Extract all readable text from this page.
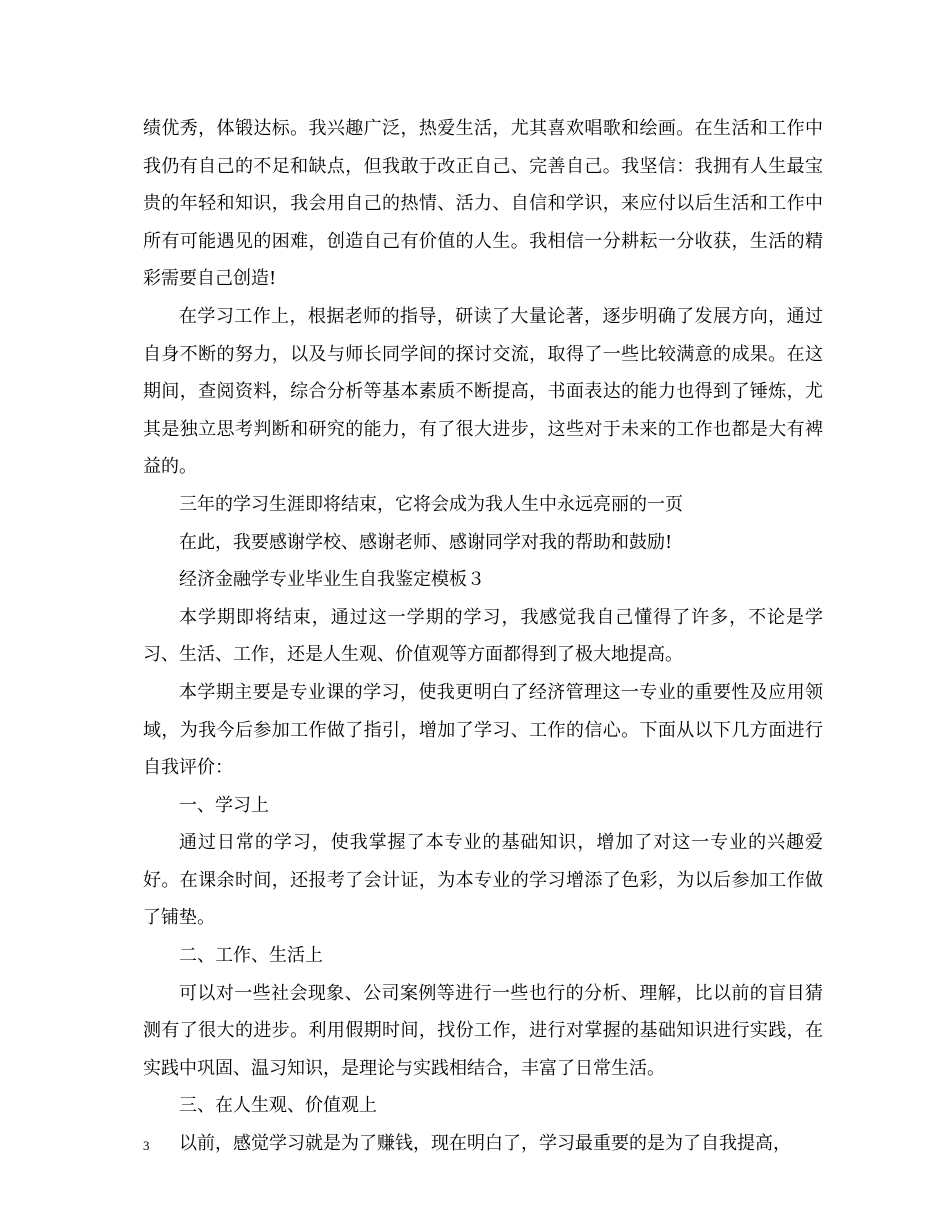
绩优秀，体锻达标。我兴趣广泛，热爱生活，尤其喜欢唱歌和绘画。在生活和工作中我仍有自己的不足和缺点，但我敢于改正自己、完善自己。我坚信：我拥有人生最宝贵的年轻和知识，我会用自己的热情、活力、自信和学识，来应付以后生活和工作中所有可能遇见的困难，创造自己有价值的人生。我相信一分耕耘一分收获，生活的精彩需要自己创造!

在学习工作上，根据老师的指导，研读了大量论著，逐步明确了发展方向，通过自身不断的努力，以及与师长同学间的探讨交流，取得了一些比较满意的成果。在这期间，查阅资料，综合分析等基本素质不断提高，书面表达的能力也得到了锤炼，尤其是独立思考判断和研究的能力，有了很大进步，这些对于未来的工作也都是大有裨益的。

三年的学习生涯即将结束，它将会成为我人生中永远亮丽的一页

在此，我要感谢学校、感谢老师、感谢同学对我的帮助和鼓励!

经济金融学专业毕业生自我鉴定模板３

本学期即将结束，通过这一学期的学习，我感觉我自己懂得了许多，不论是学习、生活、工作，还是人生观、价值观等方面都得到了极大地提高。

本学期主要是专业课的学习，使我更明白了经济管理这一专业的重要性及应用领域，为我今后参加工作做了指引，增加了学习、工作的信心。下面从以下几方面进行自我评价：

一、学习上

通过日常的学习，使我掌握了本专业的基础知识，增加了对这一专业的兴趣爱好。在课余时间，还报考了会计证，为本专业的学习增添了色彩，为以后参加工作做了铺垫。

二、工作、生活上

可以对一些社会现象、公司案例等进行一些也行的分析、理解，比以前的盲目猜测有了很大的进步。利用假期时间，找份工作，进行对掌握的基础知识进行实践，在实践中巩固、温习知识，是理论与实践相结合，丰富了日常生活。

三、在人生观、价值观上

以前，感觉学习就是为了赚钱，现在明白了，学习最重要的是为了自我提高，

3
